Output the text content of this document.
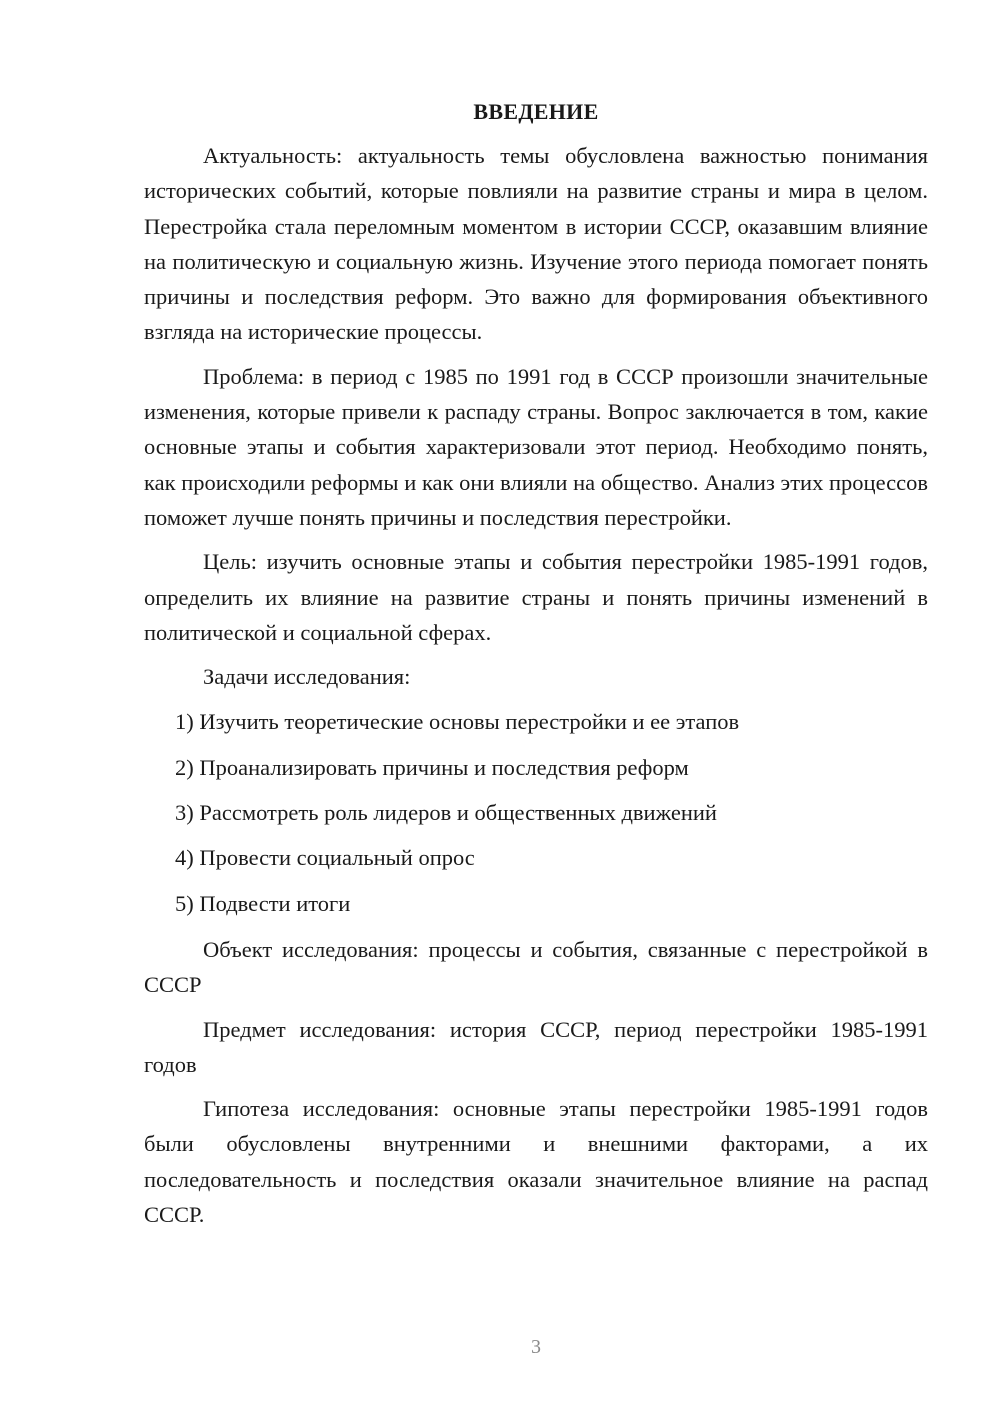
ВВЕДЕНИЕ

Актуальность: актуальность темы обусловлена важностью понимания исторических событий, которые повлияли на развитие страны и мира в целом. Перестройка стала переломным моментом в истории СССР, оказавшим влияние на политическую и социальную жизнь. Изучение этого периода помогает понять причины и последствия реформ. Это важно для формирования объективного взгляда на исторические процессы.

Проблема: в период с 1985 по 1991 год в СССР произошли значительные изменения, которые привели к распаду страны. Вопрос заключается в том, какие основные этапы и события характеризовали этот период. Необходимо понять, как происходили реформы и как они влияли на общество. Анализ этих процессов поможет лучше понять причины и последствия перестройки.

Цель: изучить основные этапы и события перестройки 1985-1991 годов, определить их влияние на развитие страны и понять причины изменений в политической и социальной сферах.

Задачи исследования:

1) Изучить теоретические основы перестройки и ее этапов
2) Проанализировать причины и последствия реформ
3) Рассмотреть роль лидеров и общественных движений
4) Провести социальный опрос
5) Подвести итоги

Объект исследования: процессы и события, связанные с перестройкой в СССР

Предмет исследования: история СССР, период перестройки 1985-1991 годов

Гипотеза исследования: основные этапы перестройки 1985-1991 годов были обусловлены внутренними и внешними факторами, а их последовательность и последствия оказали значительное влияние на распад СССР.

3
